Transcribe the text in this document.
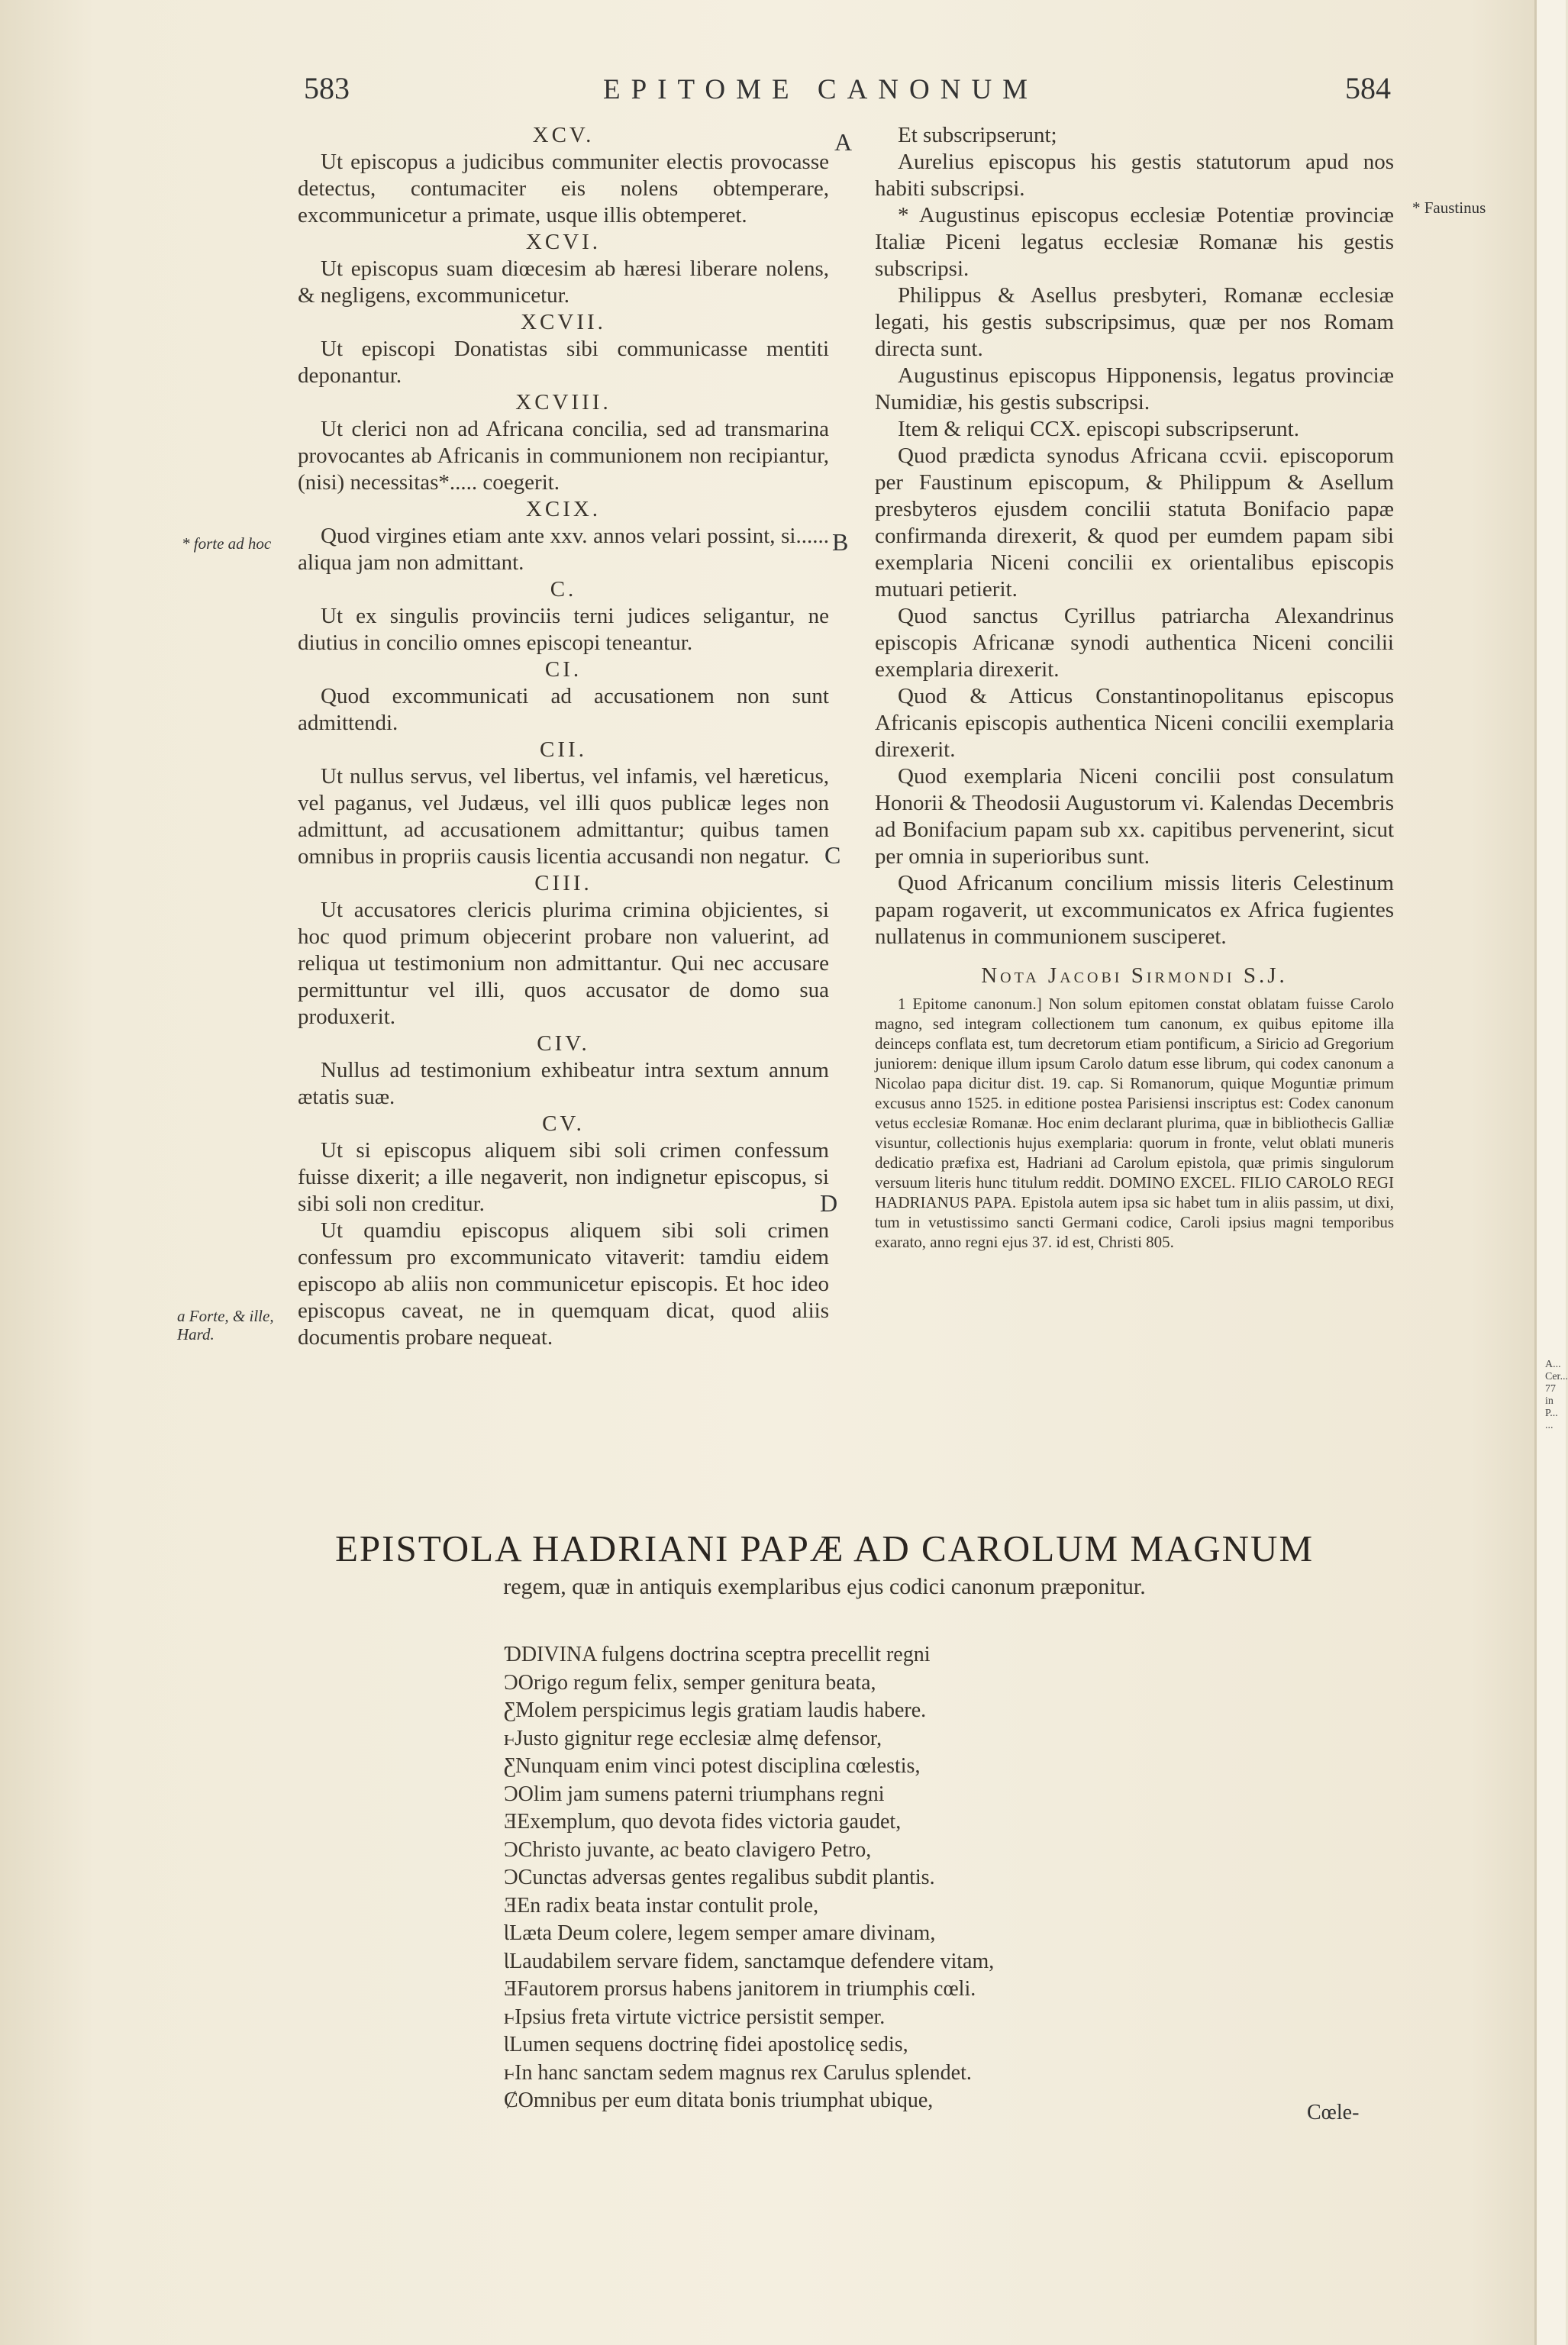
583	EPITOME CANONUM	584
A
B
C
D
* forte ad hoc
a Forte, & ille, Hard.
* Faustinus
A... Cer... 77 in P... ...
XCV.

Ut episcopus a judicibus communiter electis provocasse detectus, contumaciter eis nolens obtemperare, excommunicetur a primate, usque illis obtemperet.

XCVI.

Ut episcopus suam diœcesim ab hæresi liberare nolens, & negligens, excommunicetur.

XCVII.

Ut episcopi Donatistas sibi communicasse mentiti deponantur.

XCVIII.

Ut clerici non ad Africana concilia, sed ad transmarina provocantes ab Africanis in communionem non recipiantur, (nisi) necessitas*..... coegerit.

XCIX.

Quod virgines etiam ante xxv. annos velari possint, si...... aliqua jam non admittant.

C.

Ut ex singulis provinciis terni judices seligantur, ne diutius in concilio omnes episcopi teneantur.

CI.

Quod excommunicati ad accusationem non sunt admittendi.

CII.

Ut nullus servus, vel libertus, vel infamis, vel hæreticus, vel paganus, vel Judæus, vel illi quos publicæ leges non admittunt, ad accusationem admittantur; quibus tamen omnibus in propriis causis licentia accusandi non negatur.

CIII.

Ut accusatores clericis plurima crimina objicientes, si hoc quod primum objecerint probare non valuerint, ad reliqua ut testimonium non admittantur. Qui nec accusare permittuntur vel illi, quos accusator de domo sua produxerit.

CIV.

Nullus ad testimonium exhibeatur intra sextum annum ætatis suæ.

CV.

Ut si episcopus aliquem sibi soli crimen confessum fuisse dixerit; a ille negaverit, non indignetur episcopus, si sibi soli non creditur.

Ut quamdiu episcopus aliquem sibi soli crimen confessum pro excommunicato vitaverit: tamdiu eidem episcopo ab aliis non communicetur episcopis. Et hoc ideo episcopus caveat, ne in quemquam dicat, quod aliis documentis probare nequeat.

Et subscripserunt;

Aurelius episcopus his gestis statutorum apud nos habiti subscripsi.

* Augustinus episcopus ecclesiæ Potentiæ provinciæ Italiæ Piceni legatus ecclesiæ Romanæ his gestis subscripsi.

Philippus & Asellus presbyteri, Romanæ ecclesiæ legati, his gestis subscripsimus, quæ per nos Romam directa sunt.

Augustinus episcopus Hipponensis, legatus provinciæ Numidiæ, his gestis subscripsi.

Item & reliqui CCX. episcopi subscripserunt.

Quod prædicta synodus Africana ccvii. episcoporum per Faustinum episcopum, & Philippum & Asellum presbyteros ejusdem concilii statuta Bonifacio papæ confirmanda direxerit, & quod per eumdem papam sibi exemplaria Niceni concilii ex orientalibus episcopis mutuari petierit.

Quod sanctus Cyrillus patriarcha Alexandrinus episcopis Africanæ synodi authentica Niceni concilii exemplaria direxerit.

Quod & Atticus Constantinopolitanus episcopus Africanis episcopis authentica Niceni concilii exemplaria direxerit.

Quod exemplaria Niceni concilii post consulatum Honorii & Theodosii Augustorum vi. Kalendas Decembris ad Bonifacium papam sub xx. capitibus pervenerint, sicut per omnia in superioribus sunt.

Quod Africanum concilium missis literis Celestinum papam rogaverit, ut excommunicatos ex Africa fugientes nullatenus in communionem susciperet.

Nota Jacobi Sirmondi S.J.

1 Epitome canonum.] Non solum epitomen constat oblatam fuisse Carolo magno, sed integram collectionem tum canonum, ex quibus epitome illa deinceps conflata est, tum decretorum etiam pontificum, a Siricio ad Gregorium juniorem: denique illum ipsum Carolo datum esse librum, qui codex canonum a Nicolao papa dicitur dist. 19. cap. Si Romanorum, quique Moguntiæ primum excusus anno 1525. in editione postea Parisiensi inscriptus est: Codex canonum vetus ecclesiæ Romanæ. Hoc enim declarant plurima, quæ in bibliothecis Galliæ visuntur, collectionis hujus exemplaria: quorum in fronte, velut oblati muneris dedicatio præfixa est, Hadriani ad Carolum epistola, quæ primis singulorum versuum literis hunc titulum reddit. DOMINO EXCEL. FILIO CAROLO REGI HADRIANUS PAPA. Epistola autem ipsa sic habet tum in aliis passim, ut dixi, tum in vetustissimo sancti Germani codice, Caroli ipsius magni temporibus exarato, anno regni ejus 37. id est, Christi 805.

EPISTOLA HADRIANI PAPÆ AD CAROLUM MAGNUM
regem, quæ in antiquis exemplaribus ejus codici canonum præponitur.
ƊDIVINA fulgens doctrina sceptra precellit regni
ƆOrigo regum felix, semper genitura beata,
ƸMolem perspicimus legis gratiam laudis habere.
ⱶJusto gignitur rege ecclesiæ almę defensor,
ƸNunquam enim vinci potest disciplina cœlestis,
ƆOlim jam sumens paterni triumphans regni
ƎExemplum, quo devota fides victoria gaudet,
ƆChristo juvante, ac beato clavigero Petro,
ƆCunctas adversas gentes regalibus subdit plantis.
ƎEn radix beata instar contulit prole,
ƖLæta Deum colere, legem semper amare divinam,
ƖLaudabilem servare fidem, sanctamque defendere vitam,
ƎFautorem prorsus habens janitorem in triumphis cœli.
ⱶIpsius freta virtute victrice persistit semper.
ƖLumen sequens doctrinę fidei apostolicę sedis,
ⱶIn hanc sanctam sedem magnus rex Carulus splendet.
ȻOmnibus per eum ditata bonis triumphat ubique,
Cœle-
